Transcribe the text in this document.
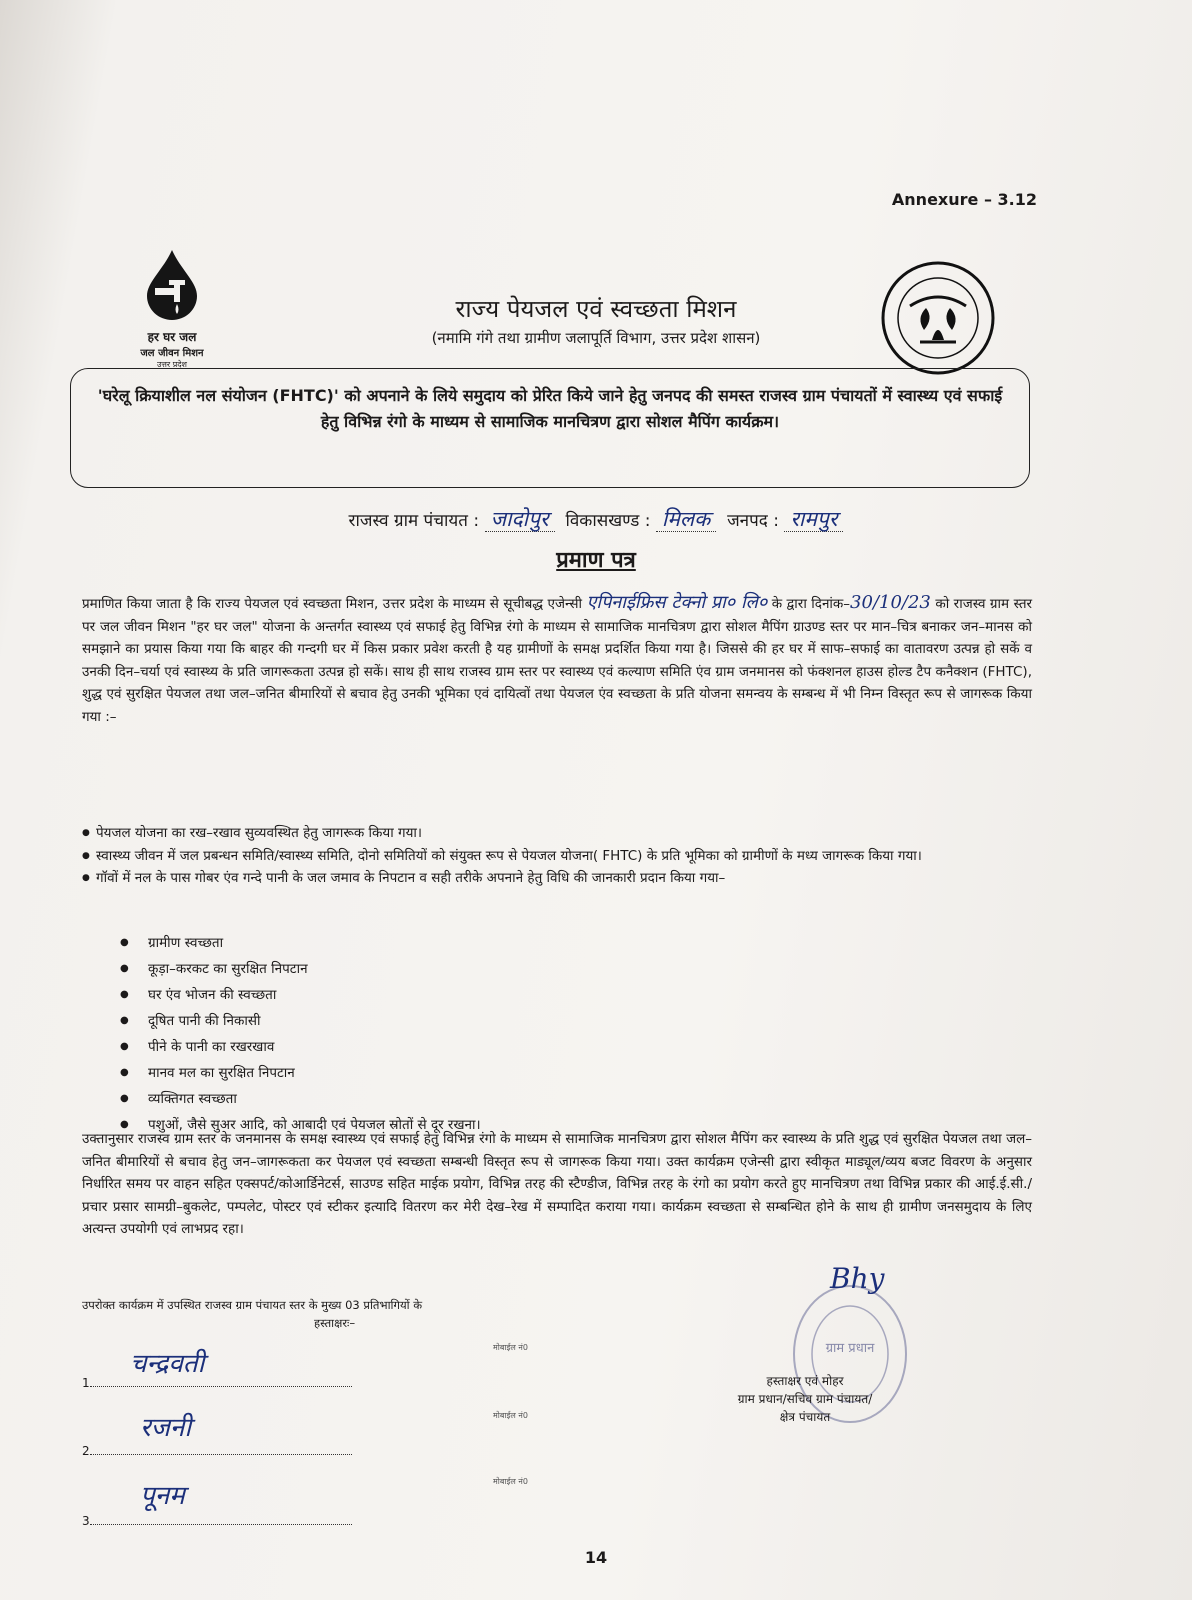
Annexure – 3.12
हर घर जल
जल जीवन मिशन
उत्तर प्रदेश
राज्य पेयजल एवं स्वच्छता मिशन
(नमामि गंगे तथा ग्रामीण जलापूर्ति विभाग, उत्तर प्रदेश शासन)
'घरेलू क्रियाशील नल संयोजन (FHTC)' को अपनाने के लिये समुदाय को प्रेरित किये जाने हेतु जनपद की समस्त राजस्व ग्राम पंचायतों में स्वास्थ्य एवं सफाई हेतु विभिन्न रंगो के माध्यम से सामाजिक मानचित्रण द्वारा सोशल मैपिंग कार्यक्रम।
राजस्व ग्राम पंचायत : जादोपुर विकासखण्ड : मिलक जनपद : रामपुर
प्रमाण पत्र

प्रमाणित किया जाता है कि राज्य पेयजल एवं स्वच्छता मिशन, उत्तर प्रदेश के माध्यम से सूचीबद्ध एजेन्सी एपिनाईफ्रिस टेक्नो प्रा० लि० के द्वारा दिनांक–30/10/23 को राजस्व ग्राम स्तर पर जल जीवन मिशन "हर घर जल" योजना के अन्तर्गत स्वास्थ्य एवं सफाई हेतु विभिन्न रंगो के माध्यम से सामाजिक मानचित्रण द्वारा सोशल मैपिंग ग्राउण्ड स्तर पर मान–चित्र बनाकर जन–मानस को समझाने का प्रयास किया गया कि बाहर की गन्दगी घर में किस प्रकार प्रवेश करती है यह ग्रामीणों के समक्ष प्रदर्शित किया गया है। जिससे की हर घर में साफ–सफाई का वातावरण उत्पन्न हो सकें व उनकी दिन–चर्या एवं स्वास्थ्य के प्रति जागरूकता उत्पन्न हो सकें। साथ ही साथ राजस्व ग्राम स्तर पर स्वास्थ्य एवं कल्याण समिति एंव ग्राम जनमानस को फंक्शनल हाउस होल्ड टैप कनैक्शन (FHTC), शुद्ध एवं सुरक्षित पेयजल तथा जल–जनित बीमारियों से बचाव हेतु उनकी भूमिका एवं दायित्वों तथा पेयजल एंव स्वच्छता के प्रति योजना समन्वय के सम्बन्ध में भी निम्न विस्तृत रूप से जागरूक किया गया :–

● पेयजल योजना का रख–रखाव सुव्यवस्थित हेतु जागरूक किया गया।
● स्वास्थ्य जीवन में जल प्रबन्धन समिति/स्वास्थ्य समिति, दोनो समितियों को संयुक्त रूप से पेयजल योजना( FHTC) के प्रति भूमिका को ग्रामीणों के मध्य जागरूक किया गया।
● गॉवों में नल के पास गोबर एंव गन्दे पानी के जल जमाव के निपटान व सही तरीके अपनाने हेतु विधि की जानकारी प्रदान किया गया–
● ग्रामीण स्वच्छता
● कूड़ा–करकट का सुरक्षित निपटान
● घर एंव भोजन की स्वच्छता
● दूषित पानी की निकासी
● पीने के पानी का रखरखाव
● मानव मल का सुरक्षित निपटान
● व्यक्तिगत स्वच्छता
● पशुओं, जैसे सुअर आदि, को आबादी एवं पेयजल स्रोतों से दूर रखना।
उक्तानुसार राजस्व ग्राम स्तर के जनमानस के समक्ष स्वास्थ्य एवं सफाई हेतु विभिन्न रंगो के माध्यम से सामाजिक मानचित्रण द्वारा सोशल मैपिंग कर स्वास्थ्य के प्रति शुद्ध एवं सुरक्षित पेयजल तथा जल–जनित बीमारियों से बचाव हेतु जन–जागरूकता कर पेयजल एवं स्वच्छता सम्बन्धी विस्तृत रूप से जागरूक किया गया। उक्त कार्यक्रम एजेन्सी द्वारा स्वीकृत माड्यूल/व्यय बजट विवरण के अनुसार निर्धारित समय पर वाहन सहित एक्सपर्ट/कोआर्डिनेटर्स, साउण्ड सहित माईक प्रयोग, विभिन्न तरह की स्टैण्डीज, विभिन्न तरह के रंगो का प्रयोग करते हुए मानचित्रण तथा विभिन्न प्रकार की आई.ई.सी./प्रचार प्रसार सामग्री–बुकलेट, पम्पलेट, पोस्टर एवं स्टीकर इत्यादि वितरण कर मेरी देख–रेख में सम्पादित कराया गया। कार्यक्रम स्वच्छता से सम्बन्धित होने के साथ ही ग्रामीण जनसमुदाय के लिए अत्यन्त उपयोगी एवं लाभप्रद रहा।
उपरोक्त कार्यक्रम में उपस्थित राजस्व ग्राम पंचायत स्तर के मुख्य 03 प्रतिभागियों के
हस्ताक्षरः–
1
चन्द्रवती
मोबाईल नं0
2
रजनी	मोबाईल नं0
3
पूनम	मोबाईल नं0
ग्राम प्रधान
Bhy
हस्ताक्षर एवं मोहर
ग्राम प्रधान/सचिव ग्राम पंचायत/
क्षेत्र पंचायत
14
